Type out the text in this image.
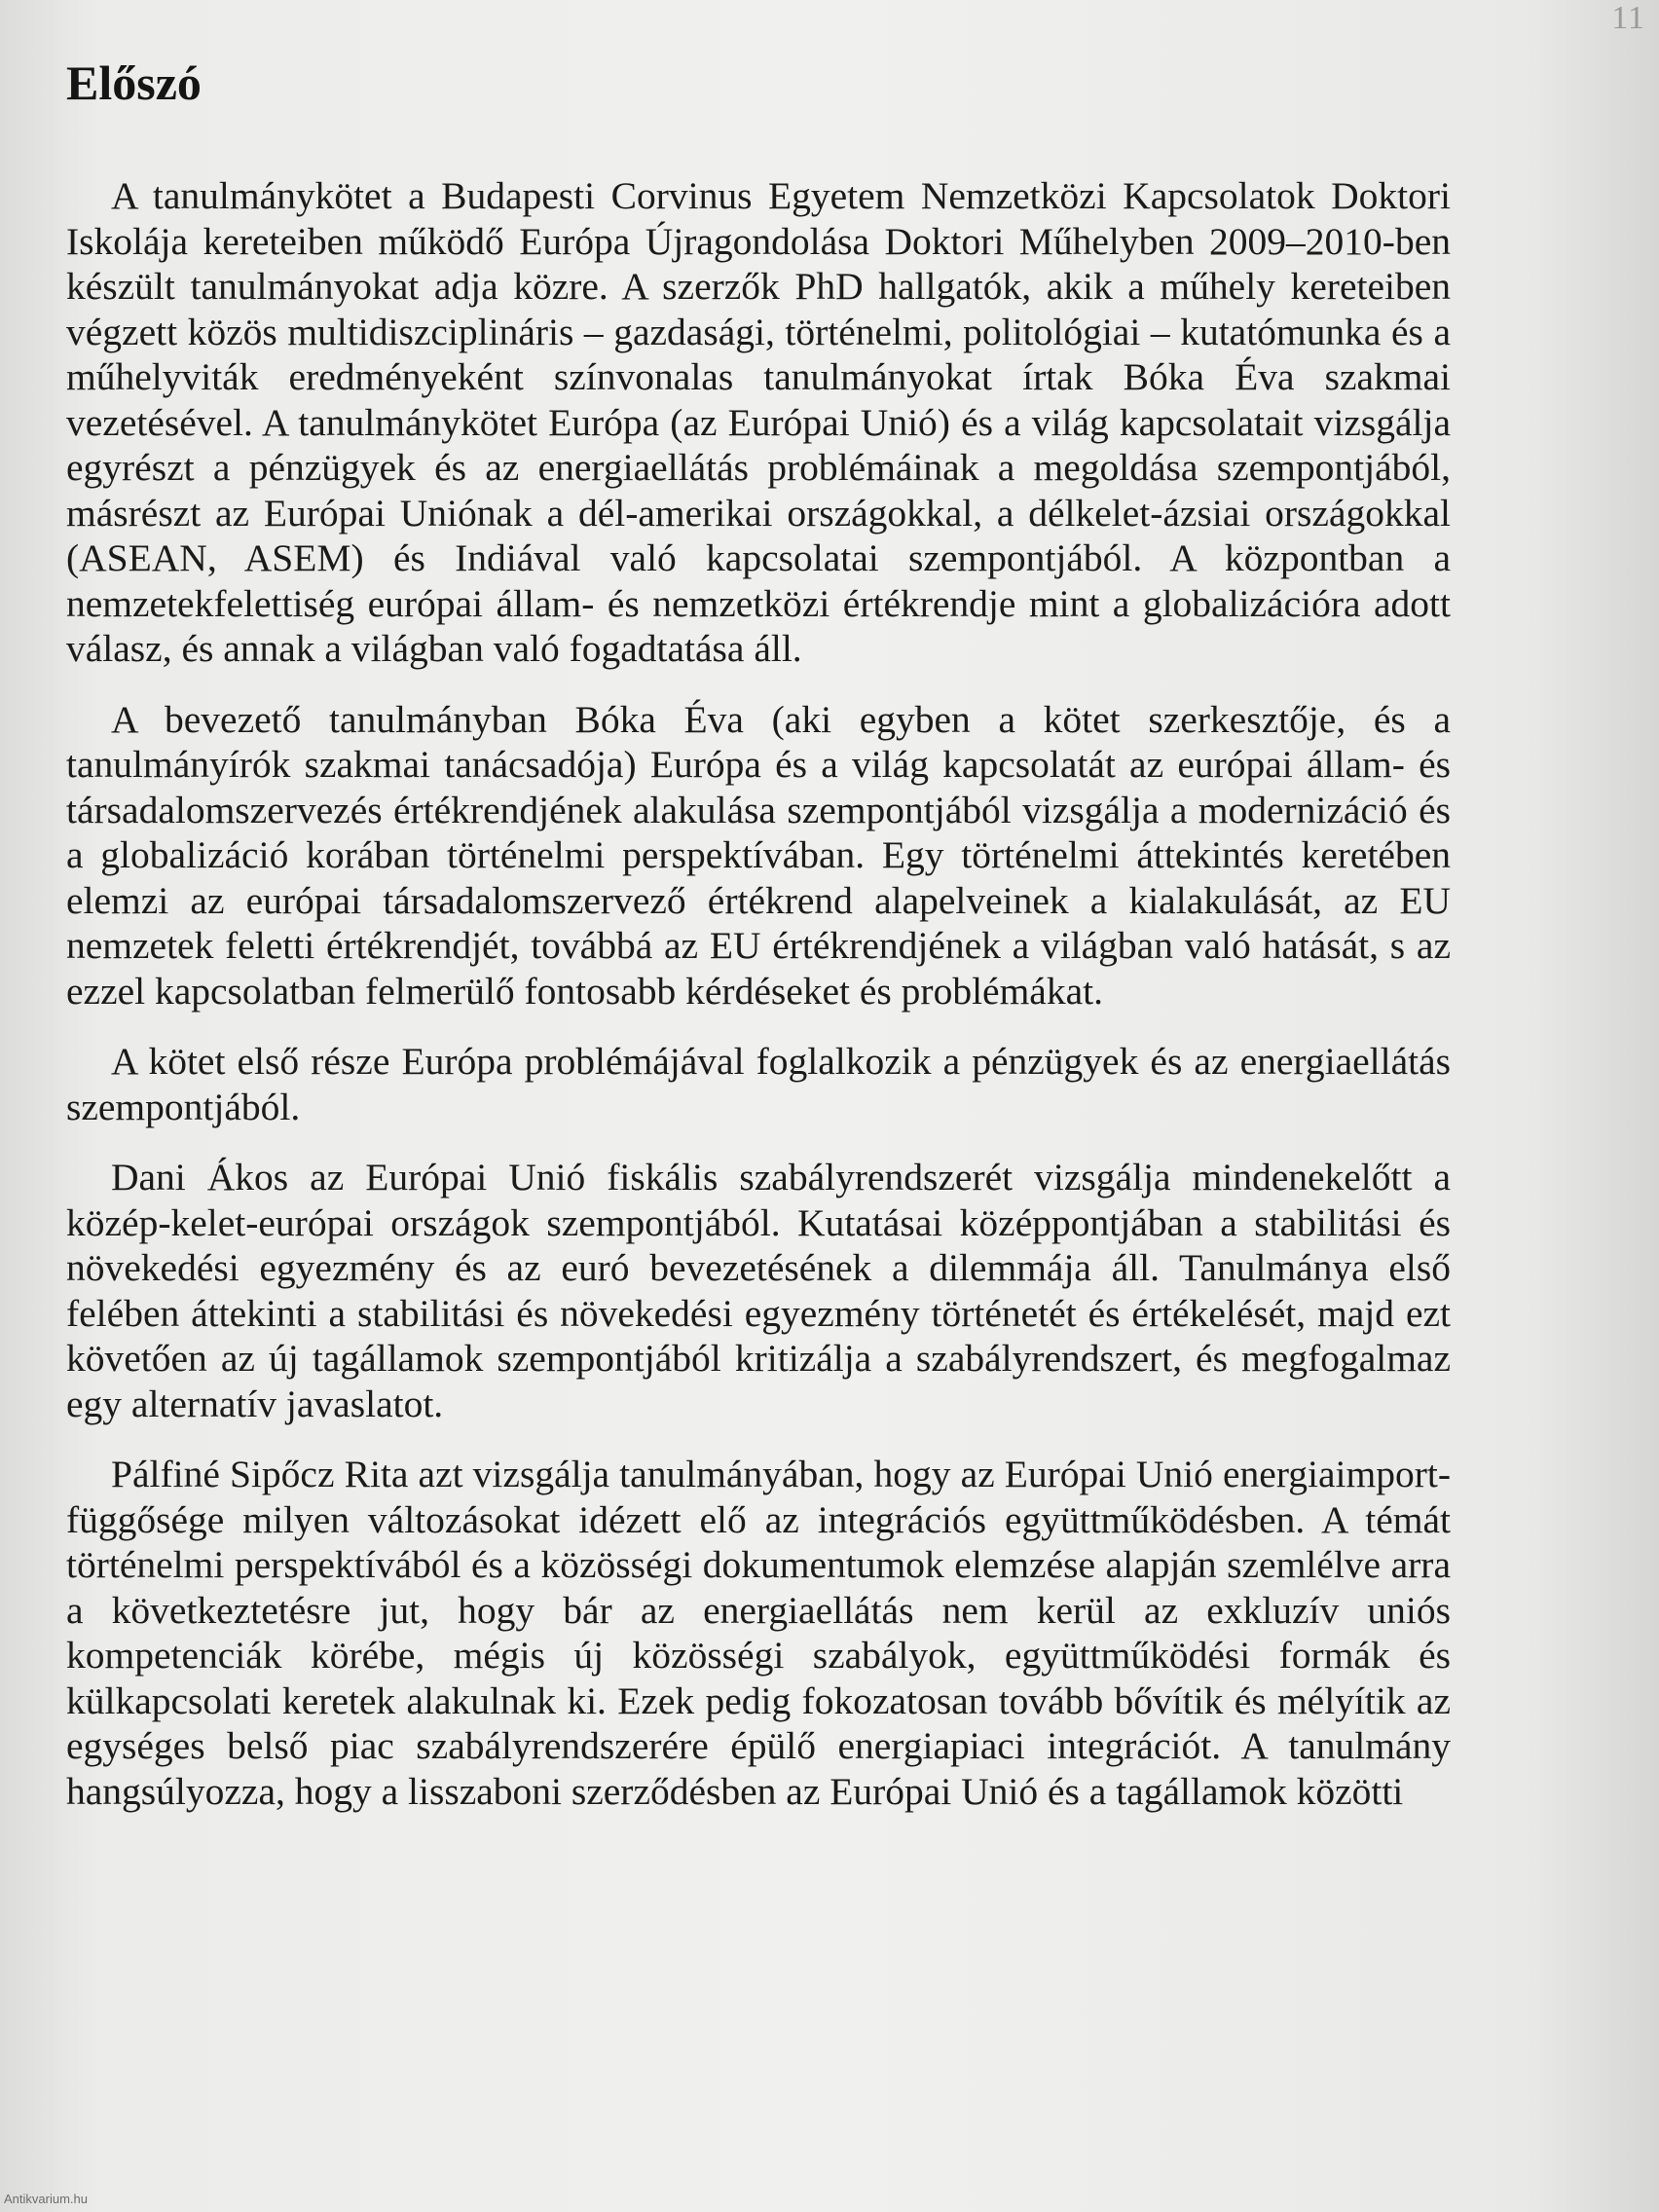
11
Előszó

A tanulmánykötet a Budapesti Corvinus Egyetem Nemzetközi Kapcsolatok Doktori Iskolája kereteiben működő Európa Újragondolása Doktori Műhelyben 2009–2010-ben készült tanulmányokat adja közre. A szerzők PhD hallgatók, akik a műhely kereteiben végzett közös multidiszciplináris – gazdasági, történelmi, politológiai – kutatómunka és a műhelyviták eredményeként színvonalas tanulmányokat írtak Bóka Éva szakmai vezetésével. A tanulmánykötet Európa (az Európai Unió) és a világ kapcsolatait vizsgálja egyrészt a pénzügyek és az energiaellátás problémáinak a megoldása szempontjából, másrészt az Európai Uniónak a dél-amerikai országokkal, a délkelet-ázsiai országokkal (ASEAN, ASEM) és Indiával való kapcsolatai szempontjából. A központban a nemzetekfelettiség európai állam- és nemzetközi értékrendje mint a globalizációra adott válasz, és annak a világban való fogadtatása áll.

A bevezető tanulmányban Bóka Éva (aki egyben a kötet szerkesztője, és a tanulmányírók szakmai tanácsadója) Európa és a világ kapcsolatát az európai állam- és társadalomszervezés értékrendjének alakulása szempontjából vizsgálja a modernizáció és a globalizáció korában történelmi perspektívában. Egy történelmi áttekintés keretében elemzi az európai társadalomszervező értékrend alapelveinek a kialakulását, az EU nemzetek feletti értékrendjét, továbbá az EU értékrendjének a világban való hatását, s az ezzel kapcsolatban felmerülő fontosabb kérdéseket és problémákat.

A kötet első része Európa problémájával foglalkozik a pénzügyek és az energiaellátás szempontjából.

Dani Ákos az Európai Unió fiskális szabályrendszerét vizsgálja mindenekelőtt a közép-kelet-európai országok szempontjából. Kutatásai középpontjában a stabilitási és növekedési egyezmény és az euró bevezetésének a dilemmája áll. Tanulmánya első felében áttekinti a stabilitási és növekedési egyezmény történetét és értékelését, majd ezt követően az új tagállamok szempontjából kritizálja a szabályrendszert, és megfogalmaz egy alternatív javaslatot.

Pálfiné Sipőcz Rita azt vizsgálja tanulmányában, hogy az Európai Unió energiaimport-függősége milyen változásokat idézett elő az integrációs együttműködésben. A témát történelmi perspektívából és a közösségi dokumentumok elemzése alapján szemlélve arra a következtetésre jut, hogy bár az energiaellátás nem kerül az exkluzív uniós kompetenciák körébe, mégis új közösségi szabályok, együttműködési formák és külkapcsolati keretek alakulnak ki. Ezek pedig fokozatosan tovább bővítik és mélyítik az egységes belső piac szabályrendszerére épülő energiapiaci integrációt. A tanulmány hangsúlyozza, hogy a lisszaboni szerződésben az Európai Unió és a tagállamok közötti

Antikvarium.hu
